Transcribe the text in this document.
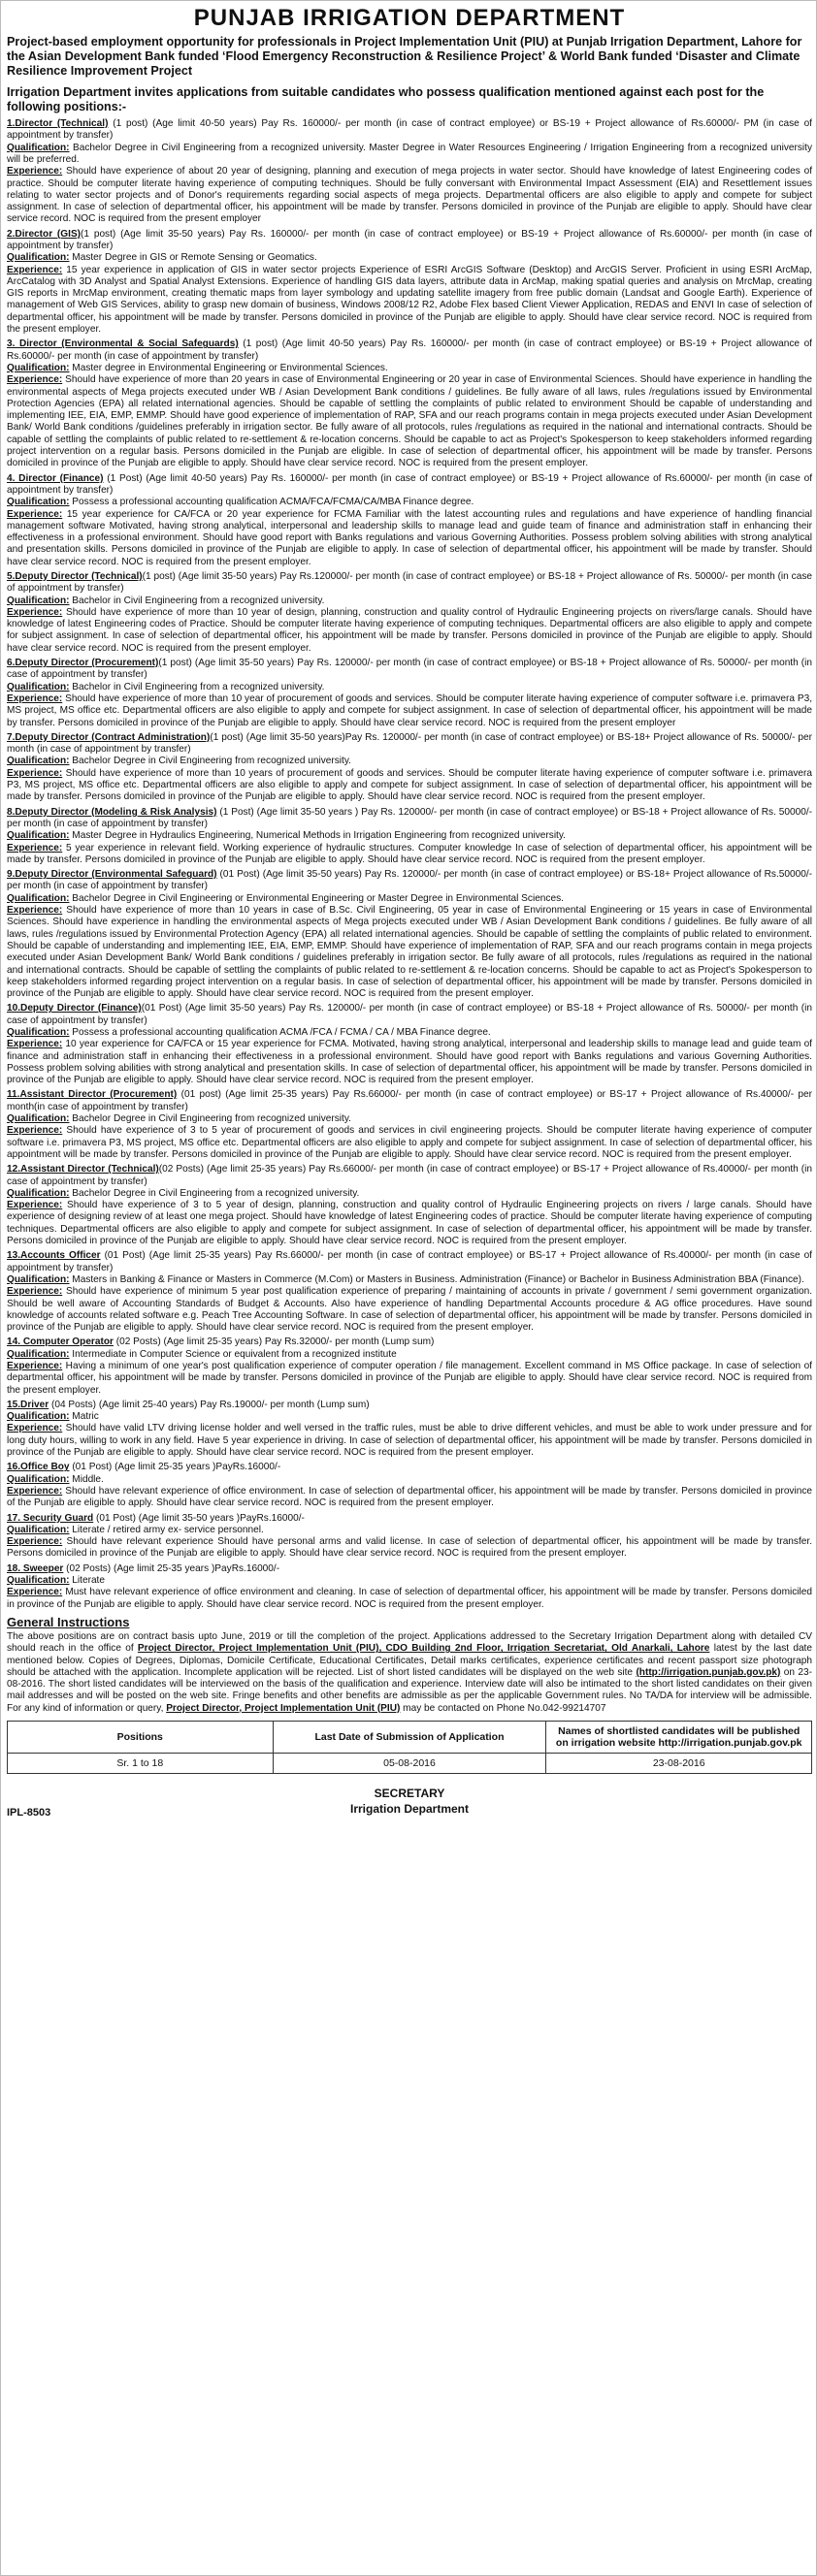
PUNJAB IRRIGATION DEPARTMENT

Project-based employment opportunity for professionals in Project Implementation Unit (PIU) at Punjab Irrigation Department, Lahore for the Asian Development Bank funded ‘Flood Emergency Reconstruction & Resilience Project’ & World Bank funded ‘Disaster and Climate Resilience Improvement Project

Irrigation Department invites applications from suitable candidates who possess qualification mentioned against each post for the following positions:-

1.Director (Technical) (1 post) (Age limit 40-50 years) Pay Rs. 160000/- per month (in case of contract employee) or BS-19 + Project allowance of Rs.60000/- PM (in case of appointment by transfer)

Qualification: Bachelor Degree in Civil Engineering from a recognized university. Master Degree in Water Resources Engineering / Irrigation Engineering from a recognized university will be preferred.

Experience: Should have experience of about 20 year of designing, planning and execution of mega projects in water sector. Should have knowledge of latest Engineering codes of practice. Should be computer literate having experience of computing techniques. Should be fully conversant with Environmental Impact Assessment (EIA) and Resettlement issues relating to water sector projects and of Donor's requirements regarding social aspects of mega projects. Departmental officers are also eligible to apply and compete for subject assignment. In case of selection of departmental officer, his appointment will be made by transfer. Persons domiciled in province of the Punjab are eligible to apply. Should have clear service record. NOC is required from the present employer

2.Director (GIS)(1 post) (Age limit 35-50 years) Pay Rs. 160000/- per month (in case of contract employee) or BS-19 + Project allowance of Rs.60000/- per month (in case of appointment by transfer)

Qualification: Master Degree in GIS or Remote Sensing or Geomatics.

Experience: 15 year experience in application of GIS in water sector projects Experience of ESRI ArcGIS Software (Desktop) and ArcGIS Server. Proficient in using ESRI ArcMap, ArcCatalog with 3D Analyst and Spatial Analyst Extensions. Experience of handling GIS data layers, attribute data in ArcMap, making spatial queries and analysis on MrcMap, creating GIS reports in MrcMap environment, creating thematic maps from layer symbology and updating satellite imagery from free public domain (Landsat and Google Earth). Experience of management of Web GIS Services, ability to grasp new domain of business, Windows 2008/12 R2, Adobe Flex based Client Viewer Application, REDAS and ENVI In case of selection of departmental officer, his appointment will be made by transfer. Persons domiciled in province of the Punjab are eligible to apply. Should have clear service record. NOC is required from the present employer.

3. Director (Environmental & Social Safeguards) (1 post) (Age limit 40-50 years) Pay Rs. 160000/- per month (in case of contract employee) or BS-19 + Project allowance of Rs.60000/- per month (in case of appointment by transfer)

Qualification: Master degree in Environmental Engineering or Environmental Sciences.

Experience: Should have experience of more than 20 years in case of Environmental Engineering or 20 year in case of Environmental Sciences. Should have experience in handling the environmental aspects of Mega projects executed under WB / Asian Development Bank conditions / guidelines. Be fully aware of all laws, rules /regulations issued by Environmental Protection Agencies (EPA) all related international agencies. Should be capable of settling the complaints of public related to environment Should be capable of understanding and implementing IEE, EIA, EMP, EMMP. Should have good experience of implementation of RAP, SFA and our reach programs contain in mega projects executed under Asian Development Bank/ World Bank conditions /guidelines preferably in irrigation sector. Be fully aware of all protocols, rules /regulations as required in the national and international contracts. Should be capable of settling the complaints of public related to re-settlement & re-location concerns. Should be capable to act as Project's Spokesperson to keep stakeholders informed regarding project intervention on a regular basis. Persons domiciled in the Punjab are eligible. In case of selection of departmental officer, his appointment will be made by transfer. Persons domiciled in province of the Punjab are eligible to apply. Should have clear service record. NOC is required from the present employer.

4. Director (Finance) (1 Post) (Age limit 40-50 years) Pay Rs. 160000/- per month (in case of contract employee) or BS-19 + Project allowance of Rs.60000/- per month (in case of appointment by transfer)

Qualification: Possess a professional accounting qualification ACMA/FCA/FCMA/CA/MBA Finance degree.

Experience: 15 year experience for CA/FCA or 20 year experience for FCMA Familiar with the latest accounting rules and regulations and have experience of handling financial management software Motivated, having strong analytical, interpersonal and leadership skills to manage lead and guide team of finance and administration staff in enhancing their effectiveness in a professional environment. Should have good report with Banks regulations and various Governing Authorities. Possess problem solving abilities with strong analytical and presentation skills. Persons domiciled in province of the Punjab are eligible to apply. In case of selection of departmental officer, his appointment will be made by transfer. Should have clear service record. NOC is required from the present employer.

5.Deputy Director (Technical)(1 post) (Age limit 35-50 years) Pay Rs.120000/- per month (in case of contract employee) or BS-18 + Project allowance of Rs. 50000/- per month (in case of appointment by transfer)

Qualification: Bachelor in Civil Engineering from a recognized university.

Experience: Should have experience of more than 10 year of design, planning, construction and quality control of Hydraulic Engineering projects on rivers/large canals. Should have knowledge of latest Engineering codes of Practice. Should be computer literate having experience of computing techniques. Departmental officers are also eligible to apply and compete for subject assignment. In case of selection of departmental officer, his appointment will be made by transfer. Persons domiciled in province of the Punjab are eligible to apply. Should have clear service record. NOC is required from the present employer.

6.Deputy Director (Procurement)(1 post) (Age limit 35-50 years) Pay Rs. 120000/- per month (in case of contract employee) or BS-18 + Project allowance of Rs. 50000/- per month (in case of appointment by transfer)

Qualification: Bachelor in Civil Engineering from a recognized university.

Experience: Should have experience of more than 10 year of procurement of goods and services. Should be computer literate having experience of computer software i.e. primavera P3, MS project, MS office etc. Departmental officers are also eligible to apply and compete for subject assignment. In case of selection of departmental officer, his appointment will be made by transfer. Persons domiciled in province of the Punjab are eligible to apply. Should have clear service record. NOC is required from the present employer

7.Deputy Director (Contract Administration)(1 post) (Age limit 35-50 years)Pay Rs. 120000/- per month (in case of contract employee) or BS-18+ Project allowance of Rs. 50000/- per month (in case of appointment by transfer)

Qualification: Bachelor Degree in Civil Engineering from recognized university.

Experience: Should have experience of more than 10 years of procurement of goods and services. Should be computer literate having experience of computer software i.e. primavera P3, MS project, MS office etc. Departmental officers are also eligible to apply and compete for subject assignment. In case of selection of departmental officer, his appointment will be made by transfer. Persons domiciled in province of the Punjab are eligible to apply. Should have clear service record. NOC is required from the present employer.

8.Deputy Director (Modeling & Risk Analysis) (1 Post) (Age limit 35-50 years ) Pay Rs. 120000/- per month (in case of contract employee) or BS-18 + Project allowance of Rs. 50000/- per month (in case of appointment by transfer)

Qualification: Master Degree in Hydraulics Engineering, Numerical Methods in Irrigation Engineering from recognized university.

Experience: 5 year experience in relevant field. Working experience of hydraulic structures. Computer knowledge In case of selection of departmental officer, his appointment will be made by transfer. Persons domiciled in province of the Punjab are eligible to apply. Should have clear service record. NOC is required from the present employer.

9.Deputy Director (Environmental Safeguard) (01 Post) (Age limit 35-50 years) Pay Rs. 120000/- per month (in case of contract employee) or BS-18+ Project allowance of Rs.50000/- per month (in case of appointment by transfer)

Qualification: Bachelor Degree in Civil Engineering or Environmental Engineering or Master Degree in Environmental Sciences.

Experience: Should have experience of more than 10 years in case of B.Sc. Civil Engineering, 05 year in case of Environmental Engineering or 15 years in case of Environmental Sciences. Should have experience in handling the environmental aspects of Mega projects executed under WB / Asian Development Bank conditions / guidelines. Be fully aware of all laws, rules /regulations issued by Environmental Protection Agency (EPA) all related international agencies. Should be capable of settling the complaints of public related to environment. Should be capable of understanding and implementing IEE, EIA, EMP, EMMP. Should have experience of implementation of RAP, SFA and our reach programs contain in mega projects executed under Asian Development Bank/ World Bank conditions / guidelines preferably in irrigation sector. Be fully aware of all protocols, rules /regulations as required in the national and international contracts. Should be capable of settling the complaints of public related to re-settlement & re-location concerns. Should be capable to act as Project's Spokesperson to keep stakeholders informed regarding project intervention on a regular basis. In case of selection of departmental officer, his appointment will be made by transfer. Persons domiciled in province of the Punjab are eligible to apply. Should have clear service record. NOC is required from the present employer.

10.Deputy Director (Finance)(01 Post) (Age limit 35-50 years) Pay Rs. 120000/- per month (in case of contract employee) or BS-18 + Project allowance of Rs. 50000/- per month (in case of appointment by transfer)

Qualification: Possess a professional accounting qualification ACMA /FCA / FCMA / CA / MBA Finance degree.

Experience: 10 year experience for CA/FCA or 15 year experience for FCMA. Motivated, having strong analytical, interpersonal and leadership skills to manage lead and guide team of finance and administration staff in enhancing their effectiveness in a professional environment. Should have good report with Banks regulations and various Governing Authorities. Possess problem solving abilities with strong analytical and presentation skills. In case of selection of departmental officer, his appointment will be made by transfer. Persons domiciled in province of the Punjab are eligible to apply. Should have clear service record. NOC is required from the present employer.

11.Assistant Director (Procurement) (01 post) (Age limit 25-35 years) Pay Rs.66000/- per month (in case of contract employee) or BS-17 + Project allowance of Rs.40000/- per month(in case of appointment by transfer)

Qualification: Bachelor Degree in Civil Engineering from recognized university.

Experience: Should have experience of 3 to 5 year of procurement of goods and services in civil engineering projects. Should be computer literate having experience of computer software i.e. primavera P3, MS project, MS office etc. Departmental officers are also eligible to apply and compete for subject assignment. In case of selection of departmental officer, his appointment will be made by transfer. Persons domiciled in province of the Punjab are eligible to apply. Should have clear service record. NOC is required from the present employer.

12.Assistant Director (Technical)(02 Posts) (Age limit 25-35 years) Pay Rs.66000/- per month (in case of contract employee) or BS-17 + Project allowance of Rs.40000/- per month (in case of appointment by transfer)

Qualification: Bachelor Degree in Civil Engineering from a recognized university.

Experience: Should have experience of 3 to 5 year of design, planning, construction and quality control of Hydraulic Engineering projects on rivers / large canals. Should have experience of designing review of at least one mega project. Should have knowledge of latest Engineering codes of practice. Should be computer literate having experience of computing techniques. Departmental officers are also eligible to apply and compete for subject assignment. In case of selection of departmental officer, his appointment will be made by transfer. Persons domiciled in province of the Punjab are eligible to apply. Should have clear service record. NOC is required from the present employer.

13.Accounts Officer (01 Post) (Age limit 25-35 years) Pay Rs.66000/- per month (in case of contract employee) or BS-17 + Project allowance of Rs.40000/- per month (in case of appointment by transfer)

Qualification: Masters in Banking & Finance or Masters in Commerce (M.Com) or Masters in Business. Administration (Finance) or Bachelor in Business Administration BBA (Finance).

Experience: Should have experience of minimum 5 year post qualification experience of preparing / maintaining of accounts in private / government / semi government organization. Should be well aware of Accounting Standards of Budget & Accounts. Also have experience of handling Departmental Accounts procedure & AG office procedures. Have sound knowledge of accounts related software e.g. Peach Tree Accounting Software. In case of selection of departmental officer, his appointment will be made by transfer. Persons domiciled in province of the Punjab are eligible to apply. Should have clear service record. NOC is required from the present employer.

14. Computer Operator (02 Posts) (Age limit 25-35 years) Pay Rs.32000/- per month (Lump sum)

Qualification: Intermediate in Computer Science or equivalent from a recognized institute

Experience: Having a minimum of one year's post qualification experience of computer operation / file management. Excellent command in MS Office package. In case of selection of departmental officer, his appointment will be made by transfer. Persons domiciled in province of the Punjab are eligible to apply. Should have clear service record. NOC is required from the present employer.

15.Driver (04 Posts) (Age limit 25-40 years) Pay Rs.19000/- per month (Lump sum)

Qualification: Matric

Experience: Should have valid LTV driving license holder and well versed in the traffic rules, must be able to drive different vehicles, and must be able to work under pressure and for long duty hours, willing to work in any field. Have 5 year experience in driving. In case of selection of departmental officer, his appointment will be made by transfer. Persons domiciled in province of the Punjab are eligible to apply. Should have clear service record. NOC is required from the present employer.

16.Office Boy (01 Post) (Age limit 25-35 years )PayRs.16000/-

Qualification: Middle.

Experience: Should have relevant experience of office environment. In case of selection of departmental officer, his appointment will be made by transfer. Persons domiciled in province of the Punjab are eligible to apply. Should have clear service record. NOC is required from the present employer.

17. Security Guard (01 Post) (Age limit 35-50 years )PayRs.16000/-

Qualification: Literate / retired army ex- service personnel.

Experience: Should have relevant experience Should have personal arms and valid license. In case of selection of departmental officer, his appointment will be made by transfer. Persons domiciled in province of the Punjab are eligible to apply. Should have clear service record. NOC is required from the present employer.

18. Sweeper (02 Posts) (Age limit 25-35 years )PayRs.16000/-

Qualification: Literate

Experience: Must have relevant experience of office environment and cleaning. In case of selection of departmental officer, his appointment will be made by transfer. Persons domiciled in province of the Punjab are eligible to apply. Should have clear service record. NOC is required from the present employer.

General Instructions

The above positions are on contract basis upto June, 2019 or till the completion of the project. Applications addressed to the Secretary Irrigation Department along with detailed CV should reach in the office of Project Director, Project Implementation Unit (PIU), CDO Building 2nd Floor, Irrigation Secretariat, Old Anarkali, Lahore latest by the last date mentioned below. Copies of Degrees, Diplomas, Domicile Certificate, Educational Certificates, Detail marks certificates, experience certificates and recent passport size photograph should be attached with the application. Incomplete application will be rejected. List of short listed candidates will be displayed on the web site (http://irrigation.punjab.gov.pk) on 23-08-2016. The short listed candidates will be interviewed on the basis of the qualification and experience. Interview date will also be intimated to the short listed candidates on their given mail addresses and will be posted on the web site. Fringe benefits and other benefits are admissible as per the applicable Government rules. No TA/DA for interview will be admissible. For any kind of information or query, Project Director, Project Implementation Unit (PIU) may be contacted on Phone No.042-99214707

Positions	Last Date of Submission of Application	Names of shortlisted candidates will be published on irrigation website http://irrigation.punjab.gov.pk
Sr. 1 to 18	05-08-2016	23-08-2016
IPL-8503
SECRETARY
Irrigation Department
